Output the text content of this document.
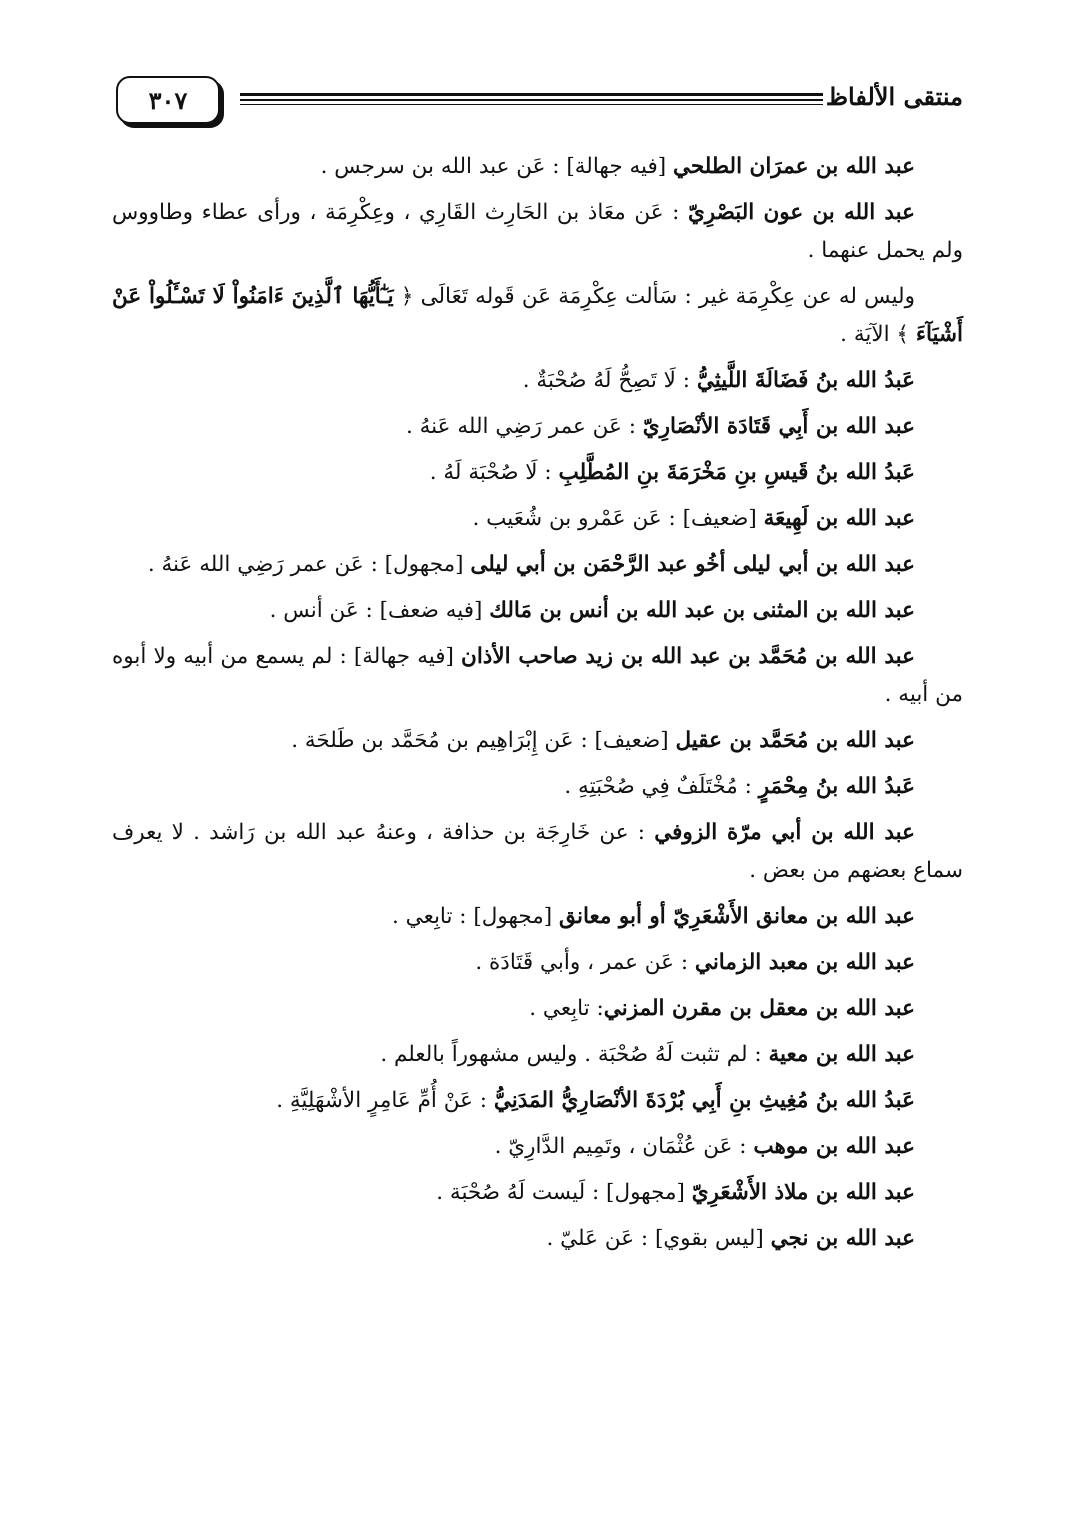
٣٠٧	منتقى الألفاظ

عبد الله بن عمرَان الطلحي [فيه جهالة] : عَن عبد الله بن سرجس .

عبد الله بن عون البَصْرِيّ : عَن معَاذ بن الحَارِث القَارِي ، وعِكْرِمَة ، ورأى عطاء وطاووس ولم يحمل عنهما .

وليس له عن عِكْرِمَة غير : سَألت عِكْرِمَة عَن قَوله تَعَالَى ﴿ يَـٰٓأَيُّهَا ٱلَّذِينَ ءَامَنُواْ لَا تَسْـَٔلُواْ عَنْ أَشْيَآءَ ﴾ الآيَة .

عَبدُ الله بنُ فَضَالَةَ اللَّيثِيُّ : لَا تَصِحُّ لَهُ صُحْبَةٌ .

عبد الله بن أَبِي قَتَادَة الأنْصَارِيّ : عَن عمر رَضِي الله عَنهُ .

عَبدُ الله بنُ قَيسِ بنِ مَخْرَمَةَ بنِ المُطَّلِبِ : لَا صُحْبَة لَهُ .

عبد الله بن لَهِيعَة [ضعيف] : عَن عَمْرو بن شُعَيب .

عبد الله بن أبي ليلى أخُو عبد الرَّحْمَن بن أبي ليلى [مجهول] : عَن عمر رَضِي الله عَنهُ .

عبد الله بن المثنى بن عبد الله بن أنس بن مَالك [فيه ضعف] : عَن أنس .

عبد الله بن مُحَمَّد بن عبد الله بن زيد صاحب الأذان [فيه جهالة] : لم يسمع من أبيه ولا أبوه من أبيه .

عبد الله بن مُحَمَّد بن عقيل [ضعيف] : عَن إِبْرَاهِيم بن مُحَمَّد بن طَلحَة .

عَبدُ الله بنُ مِحْمَرٍ : مُخْتَلَفٌ فِي صُحْبَتِهِ .

عبد الله بن أبي مرّة الزوفي : عن خَارِجَة بن حذافة ، وعنهُ عبد الله بن رَاشد . لا يعرف سماع بعضهم من بعض .

عبد الله بن معانق الأَشْعَرِيّ أو أبو معانق [مجهول] : تابِعي .

عبد الله بن معبد الزماني : عَن عمر ، وأبي قَتَادَة .

عبد الله بن معقل بن مقرن المزني: تابِعي .

عبد الله بن معية : لم تثبت لَهُ صُحْبَة . وليس مشهوراً بالعلم .

عَبدُ الله بنُ مُغِيثِ بنِ أَبِي بُرْدَةَ الأنْصَارِيُّ المَدَنِيُّ : عَنْ أُمِّ عَامِرٍ الأشْهَلِيَّةِ .

عبد الله بن موهب : عَن عُثْمَان ، وتَمِيم الدَّارِيّ .

عبد الله بن ملاذ الأَشْعَرِيّ [مجهول] : لَيست لَهُ صُحْبَة .

عبد الله بن نجي [ليس بقوي] : عَن عَليّ .
